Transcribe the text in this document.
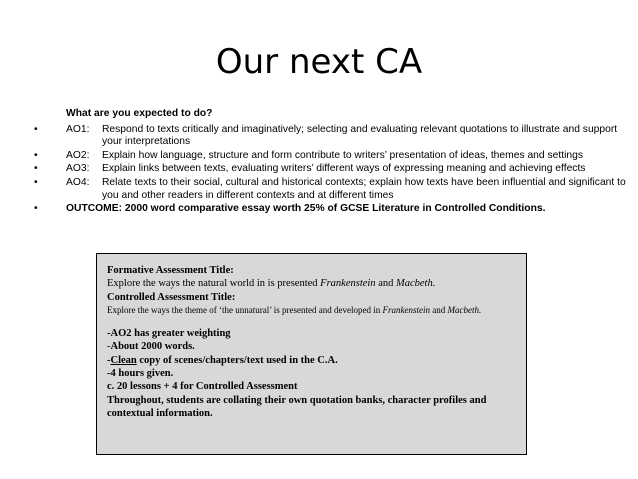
Our next CA
What are you expected to do?
•	AO1:	Respond to texts critically and imaginatively; selecting and evaluating relevant quotations to illustrate and support your interpretations
•	AO2:	Explain how language, structure and form contribute to writers’ presentation of ideas, themes and settings
•	AO3:	Explain links between texts, evaluating writers’ different ways of expressing meaning and achieving effects
•	AO4:	Relate texts to their social, cultural and historical contexts; explain how texts have been influential and significant to you and other readers in different contexts and at different times
•	OUTCOME: 2000 word comparative essay worth 25% of GCSE Literature in Controlled Conditions.
Formative Assessment Title:
Explore the ways the natural world in is presented Frankenstein and Macbeth.
Controlled Assessment Title:
Explore the ways the theme of ‘the unnatural’ is presented and developed in Frankenstein and Macbeth.
-AO2 has greater weighting
-About 2000 words.
-Clean copy of scenes/chapters/text used in the C.A.
-4 hours given.
c. 20 lessons + 4 for Controlled Assessment
Throughout, students are collating their own quotation banks, character profiles and contextual information.
